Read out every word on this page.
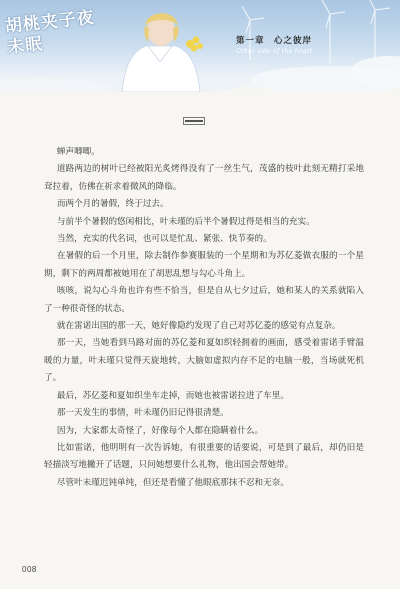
胡桃夹子夜未眠	第一章　心之彼岸
Other side of the heart

蝉声唧唧。

道路两边的树叶已经被阳光炙烤得没有了一丝生气，茂盛的枝叶此刻无精打采地耷拉着，仿佛在祈求着微风的降临。

而两个月的暑假，终于过去。

与前半个暑假的悠闲相比，叶未瑾的后半个暑假过得是相当的充实。

当然，充实的代名词，也可以是忙乱、紧张、快节奏的。

在暑假的后一个月里，除去制作参赛服装的一个星期和为苏亿菱做衣服的一个星期，剩下的两周都被她用在了胡思乱想与勾心斗角上。

咳咳，说勾心斗角也许有些不恰当，但是自从七夕过后，她和某人的关系就陷入了一种很奇怪的状态。

就在雷诺出国的那一天，她好像隐约发现了自己对苏亿菱的感觉有点复杂。

那一天，当她看到马路对面的苏亿菱和夏如织轻拥着的画面，感受着雷诺手臂温暖的力量，叶未瑾只觉得天旋地转，大脑如虚拟内存不足的电脑一般，当场就死机了。

最后，苏亿菱和夏如织坐车走掉，而她也被雷诺拉进了车里。

那一天发生的事情，叶未瑾仍旧记得很清楚。

因为，大家都太奇怪了，好像每个人都在隐瞒着什么。

比如雷诺，他明明有一次告诉她，有很重要的话要说，可是到了最后，却仍旧是轻描淡写地撇开了话题，只问她想要什么礼物，他出国会帮她带。

尽管叶未瑾迟钝单纯，但还是看懂了他眼底那抹不忍和无奈。

008
